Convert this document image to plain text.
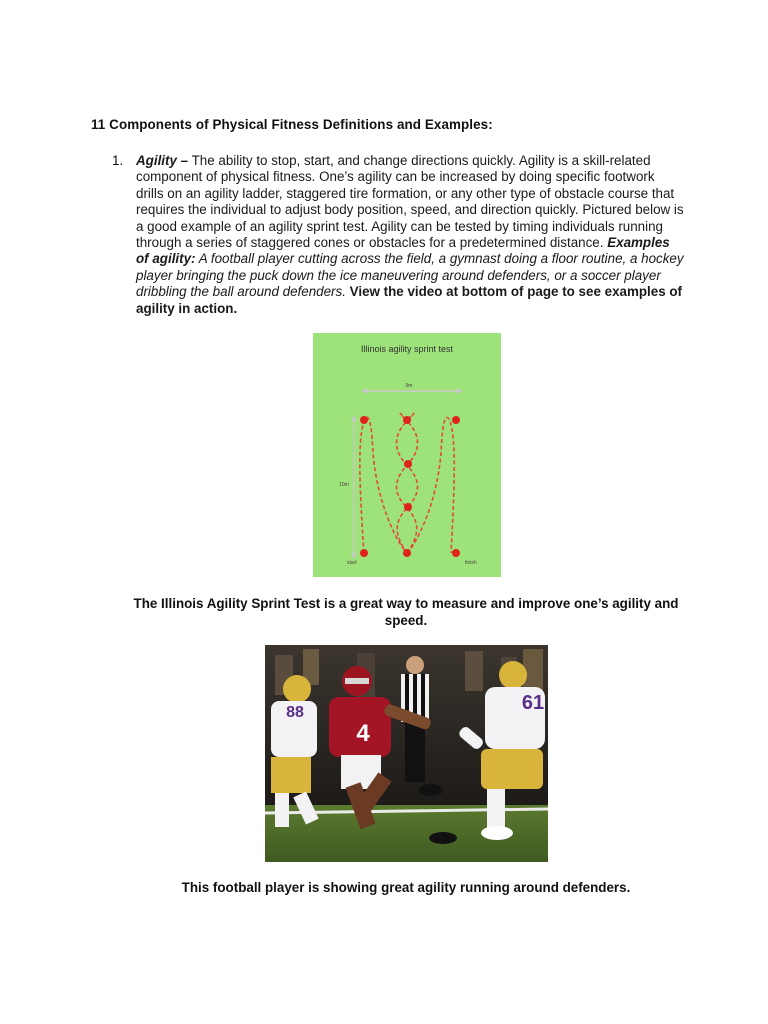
11 Components of Physical Fitness Definitions and Examples:
1. Agility – The ability to stop, start, and change directions quickly. Agility is a skill-related component of physical fitness. One’s agility can be increased by doing specific footwork drills on an agility ladder, staggered tire formation, or any other type of obstacle course that requires the individual to adjust body position, speed, and direction quickly. Pictured below is a good example of an agility sprint test. Agility can be tested by timing individuals running through a series of staggered cones or obstacles for a predetermined distance. Examples of agility: A football player cutting across the field, a gymnast doing a floor routine, a hockey player bringing the puck down the ice maneuvering around defenders, or a soccer player dribbling the ball around defenders. View the video at bottom of page to see examples of agility in action.
Illinois agility sprint test
5m
10m
start	finish
The Illinois Agility Sprint Test is a great way to measure and improve one’s agility and speed.
88
4
61
This football player is showing great agility running around defenders.
